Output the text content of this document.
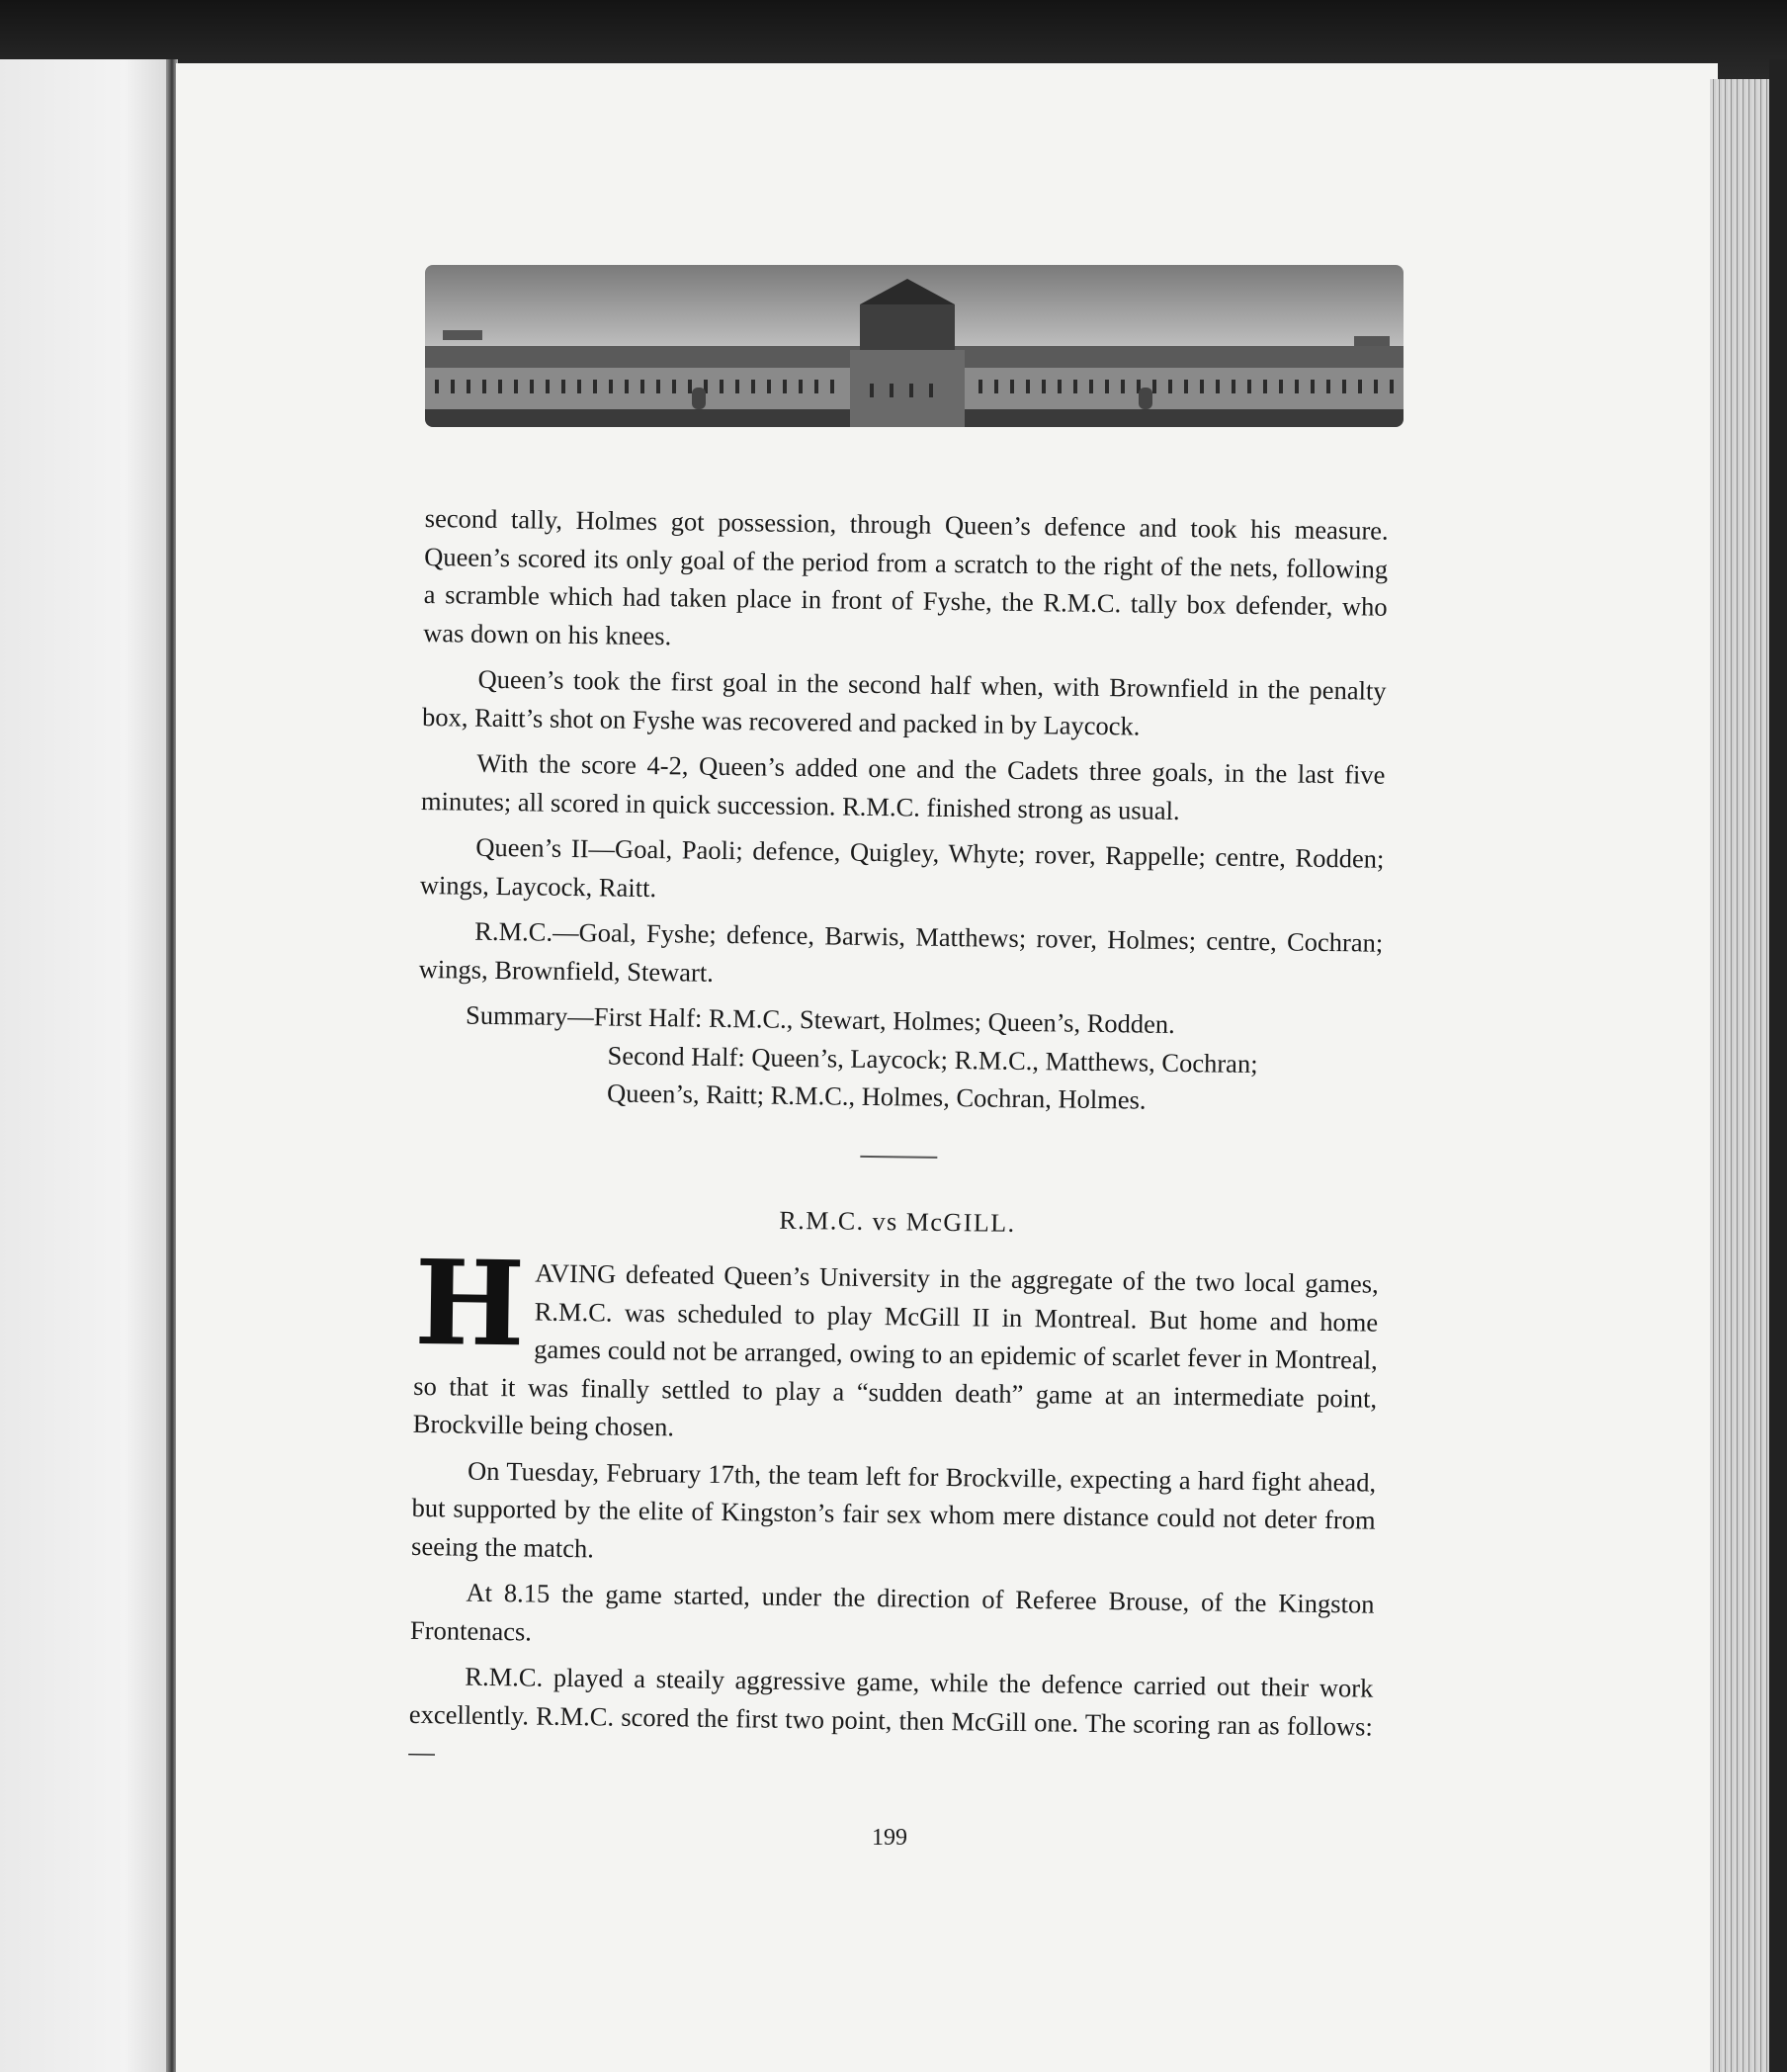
second tally, Holmes got possession, through Queen’s defence and took his measure. Queen’s scored its only goal of the period from a scratch to the right of the nets, following a scramble which had taken place in front of Fyshe, the R.M.C. tally box defender, who was down on his knees.

Queen’s took the first goal in the second half when, with Brownfield in the penalty box, Raitt’s shot on Fyshe was recovered and packed in by Laycock.

With the score 4-2, Queen’s added one and the Cadets three goals, in the last five minutes; all scored in quick succession. R.M.C. finished strong as usual.

Queen’s II—Goal, Paoli; defence, Quigley, Whyte; rover, Rappelle; centre, Rodden; wings, Laycock, Raitt.

R.M.C.—Goal, Fyshe; defence, Barwis, Matthews; rover, Holmes; centre, Cochran; wings, Brownfield, Stewart.

Summary—First Half: R.M.C., Stewart, Holmes; Queen’s, Rodden.
Second Half: Queen’s, Laycock; R.M.C., Matthews, Cochran;
Queen’s, Raitt; R.M.C., Holmes, Cochran, Holmes.
R.M.C. vs McGILL.

HAVING defeated Queen’s University in the aggregate of the two local games, R.M.C. was scheduled to play McGill II in Montreal. But home and home games could not be arranged, owing to an epidemic of scarlet fever in Montreal, so that it was finally settled to play a “sudden death” game at an intermediate point, Brockville being chosen.

On Tuesday, February 17th, the team left for Brockville, expecting a hard fight ahead, but supported by the elite of Kingston’s fair sex whom mere distance could not deter from seeing the match.

At 8.15 the game started, under the direction of Referee Brouse, of the Kingston Frontenacs.

R.M.C. played a steaily aggressive game, while the defence carried out their work excellently. R.M.C. scored the first two point, then McGill one. The scoring ran as follows:—

199
